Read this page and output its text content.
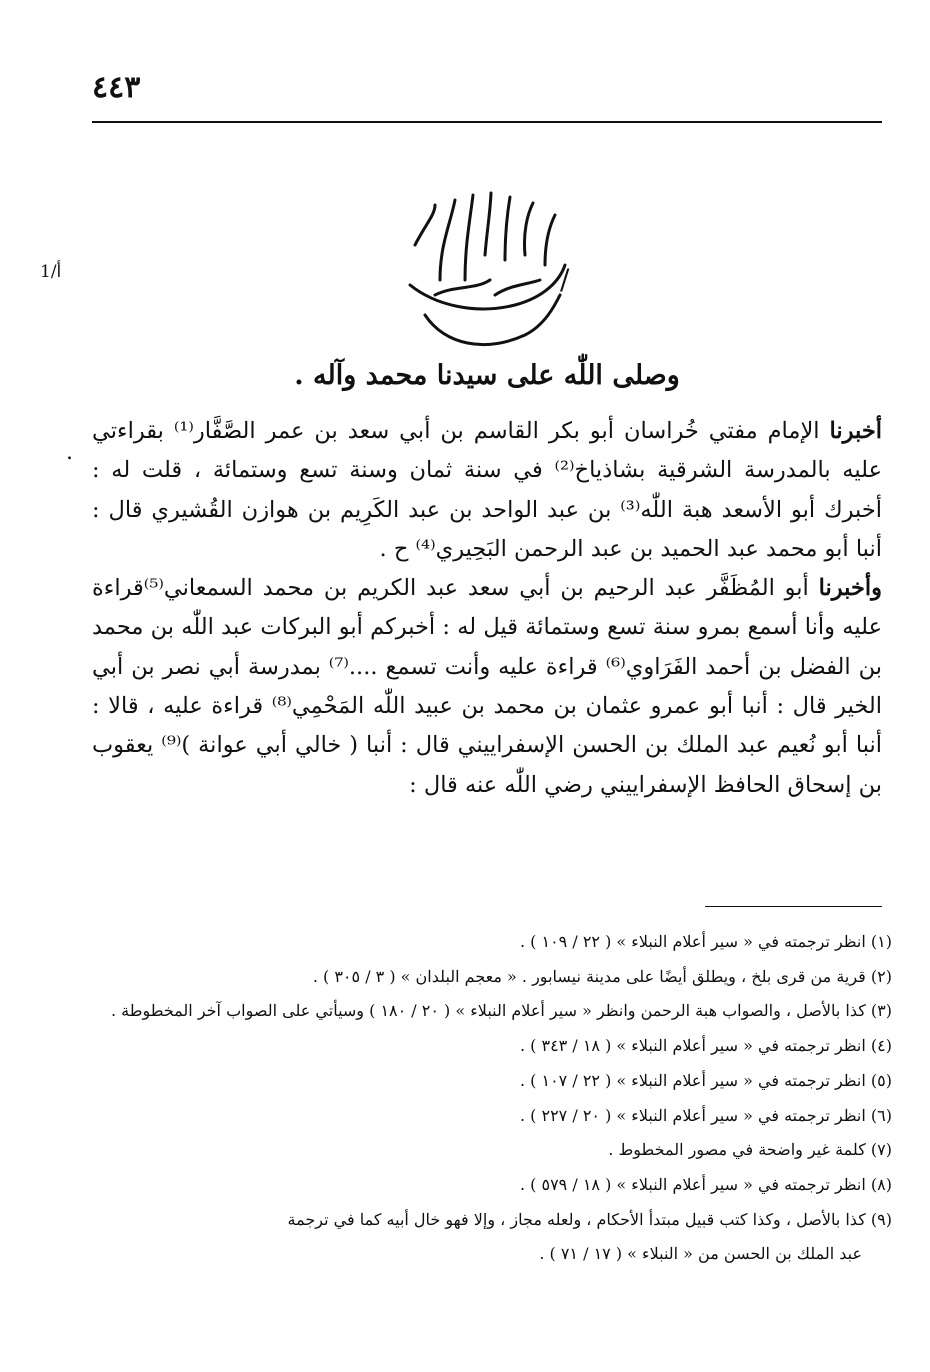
٤٤٣
1/أ	/
وصلى اللّٰه على سيدنا محمد وآله .
.

أخبرنا الإمام مفتي خُراسان أبو بكر القاسم بن أبي سعد بن عمر الصَّفَّار⁽¹⁾ بقراءتي عليه بالمدرسة الشرقية بشاذياخ⁽²⁾ في سنة ثمان وسنة تسع وستمائة ، قلت له : أخبرك أبو الأسعد هبة اللّٰه⁽³⁾ بن عبد الواحد بن عبد الكَرِيم بن هوازن القُشيري قال : أنبا أبو محمد عبد الحميد بن عبد الرحمن البَحِيري⁽⁴⁾ ح .

وأخبرنا أبو المُظَفَّر عبد الرحيم بن أبي سعد عبد الكريم بن محمد السمعاني⁽⁵⁾قراءة عليه وأنا أسمع بمرو سنة تسع وستمائة قيل له : أخبركم أبو البركات عبد اللّٰه بن محمد بن الفضل بن أحمد الفَرَاوي⁽⁶⁾ قراءة عليه وأنت تسمع ....⁽⁷⁾ بمدرسة أبي نصر بن أبي الخير قال : أنبا أبو عمرو عثمان بن محمد بن عبيد اللّٰه المَحْمِي⁽⁸⁾ قراءة عليه ، قالا : أنبا أبو نُعيم عبد الملك بن الحسن الإسفراييني قال : أنبا ( خالي أبي عوانة )⁽⁹⁾ يعقوب بن إسحاق الحافظ الإسفراييني رضي اللّٰه عنه قال :

(١) انظر ترجمته في « سير أعلام النبلاء » ( ٢٢ / ١٠٩ ) .
(٢) قرية من قرى بلخ ، ويطلق أيضًا على مدينة نيسابور . « معجم البلدان » ( ٣ / ٣٠٥ ) .
(٣) كذا بالأصل ، والصواب هبة الرحمن وانظر « سير أعلام النبلاء » ( ٢٠ / ١٨٠ ) وسيأتي على الصواب آخر المخطوطة .
(٤) انظر ترجمته في « سير أعلام النبلاء » ( ١٨ / ٣٤٣ ) .
(٥) انظر ترجمته في « سير أعلام النبلاء » ( ٢٢ / ١٠٧ ) .
(٦) انظر ترجمته في « سير أعلام النبلاء » ( ٢٠ / ٢٢٧ ) .
(٧) كلمة غير واضحة في مصور المخطوط .
(٨) انظر ترجمته في « سير أعلام النبلاء » ( ١٨ / ٥٧٩ ) .
(٩) كذا بالأصل ، وكذا كتب قبيل مبتدأ الأحكام ، ولعله مجاز ، وإلا فهو خال أبيه كما في ترجمة
عبد الملك بن الحسن من « النبلاء » ( ١٧ / ٧١ ) .
